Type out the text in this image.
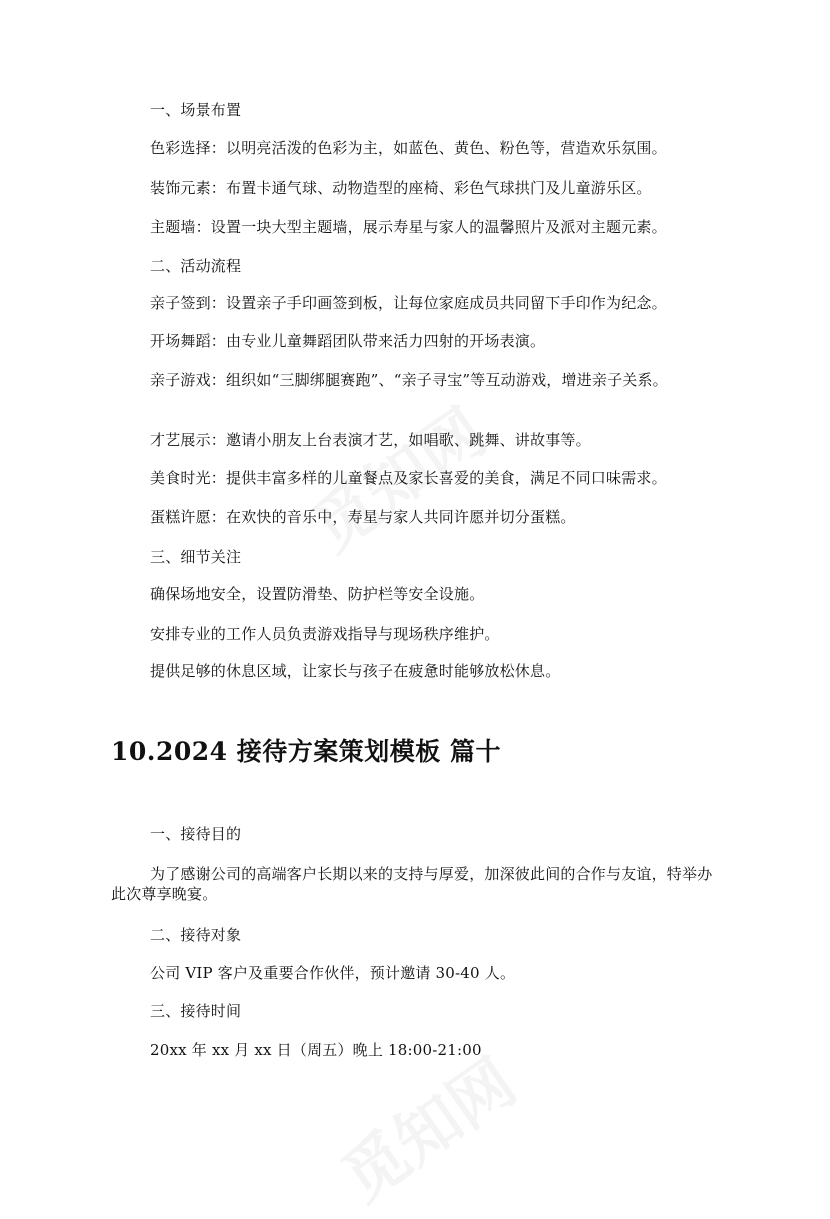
一、场景布置
色彩选择：以明亮活泼的色彩为主，如蓝色、黄色、粉色等，营造欢乐氛围。
装饰元素：布置卡通气球、动物造型的座椅、彩色气球拱门及儿童游乐区。
主题墙：设置一块大型主题墙，展示寿星与家人的温馨照片及派对主题元素。
二、活动流程
亲子签到：设置亲子手印画签到板，让每位家庭成员共同留下手印作为纪念。
开场舞蹈：由专业儿童舞蹈团队带来活力四射的开场表演。
亲子游戏：组织如“三脚绑腿赛跑”、“亲子寻宝”等互动游戏，增进亲子关系。
才艺展示：邀请小朋友上台表演才艺，如唱歌、跳舞、讲故事等。
美食时光：提供丰富多样的儿童餐点及家长喜爱的美食，满足不同口味需求。
蛋糕许愿：在欢快的音乐中，寿星与家人共同许愿并切分蛋糕。
三、细节关注
确保场地安全，设置防滑垫、防护栏等安全设施。
安排专业的工作人员负责游戏指导与现场秩序维护。
提供足够的休息区域，让家长与孩子在疲惫时能够放松休息。
10.2024 接待方案策划模板 篇十
一、接待目的
为了感谢公司的高端客户长期以来的支持与厚爱，加深彼此间的合作与友谊，特举办此次尊享晚宴。
二、接待对象
公司 VIP 客户及重要合作伙伴，预计邀请 30-40 人。
三、接待时间
20xx 年 xx 月 xx 日（周五）晚上 18:00-21:00
